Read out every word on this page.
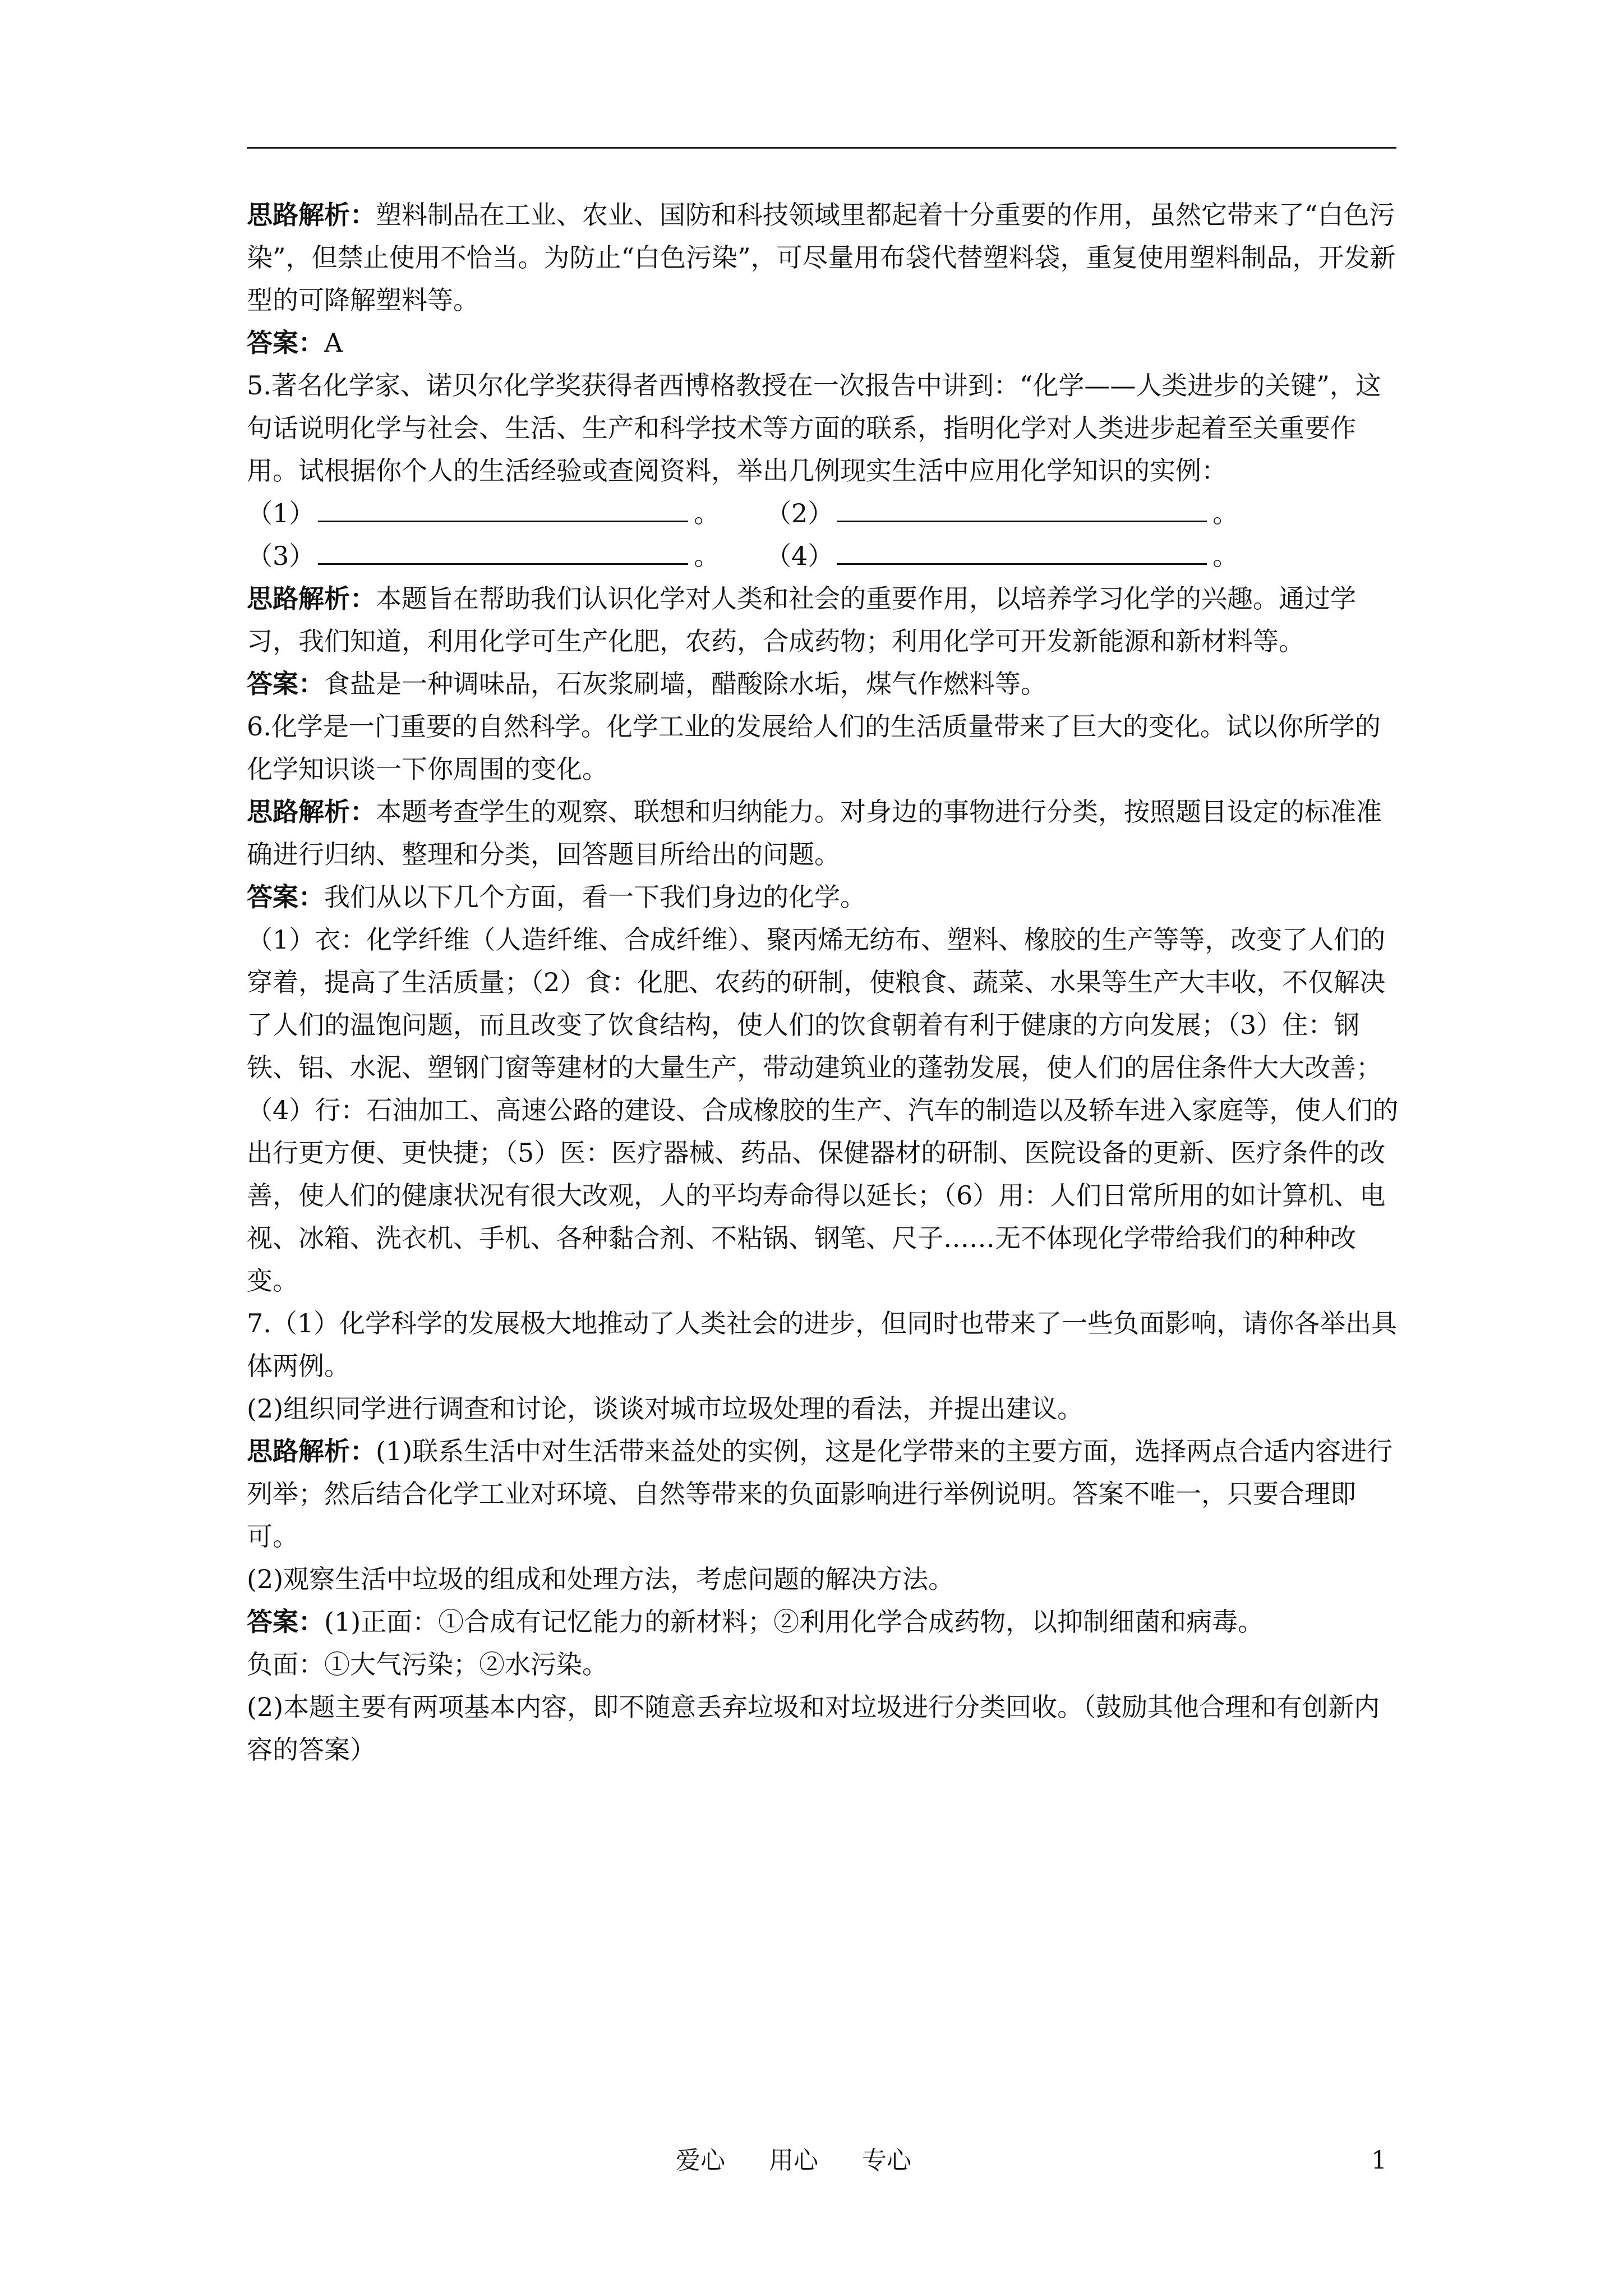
思路解析：塑料制品在工业、农业、国防和科技领域里都起着十分重要的作用，虽然它带来了“白色污染”，但禁止使用不恰当。为防止“白色污染”，可尽量用布袋代替塑料袋，重复使用塑料制品，开发新型的可降解塑料等。

答案：A

5.著名化学家、诺贝尔化学奖获得者西博格教授在一次报告中讲到：“化学——人类进步的关键”，这句话说明化学与社会、生活、生产和科学技术等方面的联系，指明化学对人类进步起着至关重要作用。试根据你个人的生活经验或查阅资料，举出几例现实生活中应用化学知识的实例：

（1）	。 （2）	。
（3）	。 （4）	。

思路解析：本题旨在帮助我们认识化学对人类和社会的重要作用，以培养学习化学的兴趣。通过学习，我们知道，利用化学可生产化肥，农药，合成药物；利用化学可开发新能源和新材料等。

答案：食盐是一种调味品，石灰浆刷墙，醋酸除水垢，煤气作燃料等。

6.化学是一门重要的自然科学。化学工业的发展给人们的生活质量带来了巨大的变化。试以你所学的化学知识谈一下你周围的变化。

思路解析：本题考查学生的观察、联想和归纳能力。对身边的事物进行分类，按照题目设定的标准准确进行归纳、整理和分类，回答题目所给出的问题。

答案：我们从以下几个方面，看一下我们身边的化学。

（1）衣：化学纤维（人造纤维、合成纤维）、聚丙烯无纺布、塑料、橡胶的生产等等，改变了人们的穿着，提高了生活质量；（2）食：化肥、农药的研制，使粮食、蔬菜、水果等生产大丰收，不仅解决了人们的温饱问题，而且改变了饮食结构，使人们的饮食朝着有利于健康的方向发展；（3）住：钢铁、铝、水泥、塑钢门窗等建材的大量生产，带动建筑业的蓬勃发展，使人们的居住条件大大改善；（4）行：石油加工、高速公路的建设、合成橡胶的生产、汽车的制造以及轿车进入家庭等，使人们的出行更方便、更快捷；（5）医：医疗器械、药品、保健器材的研制、医院设备的更新、医疗条件的改善，使人们的健康状况有很大改观，人的平均寿命得以延长；（6）用：人们日常所用的如计算机、电视、冰箱、洗衣机、手机、各种黏合剂、不粘锅、钢笔、尺子……无不体现化学带给我们的种种改变。

7.（1）化学科学的发展极大地推动了人类社会的进步，但同时也带来了一些负面影响，请你各举出具体两例。

(2)组织同学进行调查和讨论，谈谈对城市垃圾处理的看法，并提出建议。

思路解析：(1)联系生活中对生活带来益处的实例，这是化学带来的主要方面，选择两点合适内容进行列举；然后结合化学工业对环境、自然等带来的负面影响进行举例说明。答案不唯一，只要合理即可。

(2)观察生活中垃圾的组成和处理方法，考虑问题的解决方法。

答案：(1)正面：①合成有记忆能力的新材料；②利用化学合成药物，以抑制细菌和病毒。

负面：①大气污染；②水污染。

(2)本题主要有两项基本内容，即不随意丢弃垃圾和对垃圾进行分类回收。（鼓励其他合理和有创新内容的答案）

爱心 用心 专心	1
